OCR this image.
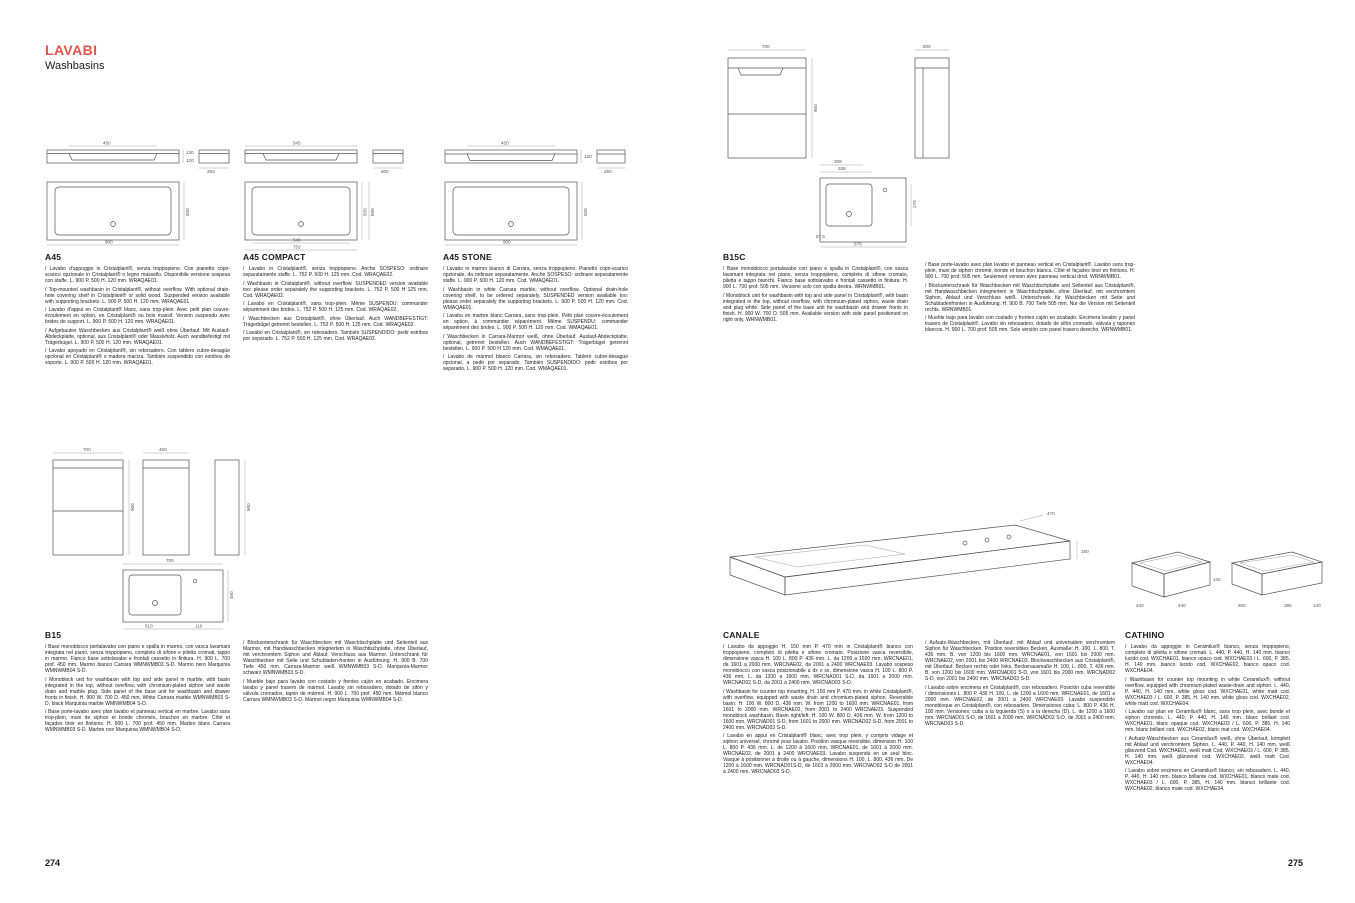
LAVABI
Washbasins
450
130
120
253
900
500
545
500
548
752
500 699
450
120
250
900
500
A45

/ Lavabo d'appoggio in Cristalplant®, senza troppopieno. Con pianetto copri-scarico opzionale in Cristalplant® o legno massello. Disponibile versione sospesa con staffe. L. 900 P. 500 H. 120 mm. WRAQAE01.

/ Top-mounted washbasin in Cristalplant®, without overflow. With optional drain-hole covering shelf in Cristalplant® or solid wood. Suspended version available with supporting brackets. L. 900 P. 500 H. 120 mm. WRAQAE01.

/ Lavabo d'appui en Cristalplant® blanc, sans trop-plein. Avec petit plan couvre-écoulement en option, en Cristalplant® ou bois massif. Version suspendu avec brides de support. L. 900 P. 500 H. 120 mm. WRAQAE01.

/ Aufgebautes Waschbecken aus Cristalplant® weiß ohne Überlauf. Mit Auslauf-Abdeckplatte, optional, aus Cristalplant® oder Massivholz. Auch wandbefestigt mit Trägerbügel. L. 900 P. 500 H. 120 mm. WRAQAE01.

/ Lavabo apoyado en Cristalplant®, sin rebosadero. Con tablero cubre-desagüe opcional en Cristalplant® o madera maciza. También suspendido con estribos de soporte. L. 900 P. 500 H. 120 mm. WRAQAE01.

A45 COMPACT

/ Lavabo in Cristalplant®, senza troppopieno. Anche SOSPESO: ordinare separatamente staffe. L. 752 P. 500 H. 125 mm. Cod. WRAQAE02.

/ Washbasin in Cristalplant®, without overflow. SUSPENDED version available too: please order separately the supporting brackets. L. 752 P. 500 H 125 mm. Cod. WRAQAE02.

/ Lavabo en Cristalplant®, sans trop-plein. Même SUSPENDU: commander séparément des brides. L. 752 P. 500 H. 125 mm. Cod. WRAQAE02.

/ Waschbecken aus Cristalplant®, ohne Überlauf. Auch WANDBEFESTIGT: Trägerbügel getrennt bestellen. L. 752 P. 500 H. 125 mm. Cod. WRAQAE02.

/ Lavabo en Cristalplant®, sin rebosadero. También SUSPENDIDO: pedir estribos por separado. L. 752 P. 500 H. 125 mm. Cod. WRAQAE02.

A45 STONE

/ Lavabo in marmo bianco di Carrara, senza troppopieno. Pianetto copri-scarico opzionale, da ordinare separatamente. Anche SOSPESO: ordinare separatamente staffe. L. 900 P. 500 H. 120 mm. Cod. WMAQAE01.

/ Washbasin in white Carrara marble, without overflow. Optional drain-hole covering shelf, to be ordered separately. SUSPENDED version available too: please order separately the supporting brackets. L. 900 P. 500 H. 120 mm. Cod. WMAQAE01.

/ Lavabo en marbre blanc Carrara, sans trop-plein. Petit plan couvre-écoulement en option, à commander séparément. Même SUSPENDU: commander séparément des brides. L. 900 P. 500 H. 120 mm. Cod. WMAQAE01.

/ Waschbecken in Carrara-Marmor weiß, ohne Überlauf. Auslauf-Abdeckplatte, optional, getrennt bestellen. Auch WANDBEFESTIGT: Trägerbügel getrennt bestellen. L. 900 P. 500 H 120 mm. Cod. WMAQAE01.

/ Lavabo de mármol blanco Carrara, sin rebosadero. Tablero cubre-desagüe opcional, a pedir por separado. También SUSPENDIDO: pedir estribos por separado. L. 900 P. 500 H. 120 mm. Cod. WMAQAE01.

700
900
450
900
700
450
510	110
B15

/ Base monoblocco portalavabo con piano e spalla in marmo, con vasca lavamani integrata nel piano, senza troppopieno, completo di sifone e piletta cromati, tappo in marmo. Fianco base sottolavabo e frontali cassetto in finitura. H. 900 L. 700 prof. 450 mm. Marmo bianco Carrara WMNWMB03 S-D. Marmo nero Marquinia WMNWMB04 S-D.

/ Monoblock unit for washbasin with top and side panel in marble, with basin integrated in the top, without overflow, with chromium-plated siphon and waste drain and marble plug. Side panel of the base unit for washbasin and drawer fronts in finish. H. 900 W. 700 D. 450 mm. White Carrara marble WMNWMB03 S-D, black Marquinia marble WMNWMB04 S-D.

/ Base porte-lavabo avec plan lavabo et panneau vertical en marbre. Lavabo sans trop-plein, muni de siphon et bonde chromés, bouchon en marbre. Côté et façades tiroir en finitions. H. 900 L. 700 prof. 450 mm. Marbre blanc Carrara WMNWMB03 S-D. Marbre noir Marquinia WMNWMB04 S-D.

/ Blockunterschrank für Waschbecken mit Waschtischplatte und Seitenteil aus Marmor, mit Handwaschbecken integriertem in Waschtischplatte, ohne Überlauf, mit verchromtem Siphon und Ablauf, Verschluss aus Marmor. Unterschrank für Waschbecken mit Seite und Schubladen-fronten in Ausführung. H. 900 B. 700 Tiefe 450 mm. Carrara-Marmor weiß WMNWMB03 S-D. Marquinia-Marmor schwarz WMNWMB03 S-D.

/ Mueble bajo para lavabo con costado y frentes cajón en acabado. Encimera lavabo y panel trasero de mármol. Lavabo sin rebosadero, dotado de sifón y válvula cromados, tapón de mármol. H. 900 L. 700 prof. 450 mm. Mármol blanco Carrara WMNWMB03 S-D. Mármol negro Marquinia WMNWMB04 S-D.

274
700
900
505
338
308
270
578
57,5
B15C

/ Base monoblocco portalavabo con piano e spalla in Cristalplant®, con vasca lavamani integrata nel piano, senza troppopieno, completo di sifone cromato, piletta e tappo bianchi. Fianco base sottolavabo e frontali cassetto in finitura. H. 900 L. 700 prof. 505 mm. Versione solo con spalla destra. WRNWMB01.

/ Monoblock unit for washbasin with top and side panel in Cristalplant®, with basin integrated in the top, without overflow, with chromium-plated siphon, waste drain and plug white. Side panel of the base unit for washbasin and drawer fronts in finish. H. 900 W. 700 D. 505 mm. Available version with side panel positioned on right only. WRNWMB01.

/ Base porte-lavabo avec plan lavabo et panneau vertical en Cristalplant®. Lavabo sans trop-plein, muni de siphon chromé, bonde et bouchon blancs. Côté et façades tiroir en finitions. H. 900 L. 700 prof. 505 mm. Seulement version avec panneau vertical droit. WRNWMB01.

/ Blockunterschrank für Waschbecken mit Waschtischplatte und Seitenteil aus Cristalplant®, mit Handwaschbecken integriertem in Waschtischplatte, ohne Überlauf, mit verchromtem Siphon, Ablauf und Verschluss weiß. Unterschrank für Waschbecken mit Seite und Schubladenfronten in Ausführung. H. 900 B. 700 Tiefe 505 mm. Nur die Version mit Seitenteil rechts. WRNWMB01.

/ Mueble bajo para lavabo con costado y frentes cajón en acabado. Encimera lavabo y panel trasero de Cristalplant®. Lavabo sin rebosadero, dotado de sifón cromado, válvula y tapones blancos. H. 900 L. 700 prof. 505 mm. Solo versión con panel trasero derecho. WRNWMB01.

470
150
440	440
140
600	385	140
CANALE

/ Lavabo da appoggio H. 150 mm P. 470 mm in Cristalplant® bianco con troppopieno, completo di piletta e sifone cromato. Posizione vasca reversibile, dimensione vasca H. 100 L. 800 P. 436 mm. L. da 1200 a 1600 mm. WRCNAE01, da 1601 a 2000 mm. WRCNAE02, da 2001 a 2400 WRCNAE03. Lavabo sospeso monoblocco con vasca posizionabile a dx o sx, dimensione vasca H. 100 L. 800 P. 436 mm. L. da 1200 a 1600 mm. WRCNAD01 S-D, da 1601 a 2000 mm. WRCNAD02 S-D, da 2001 a 2400 mm. WRCNAD03 S-D.

/ Washbasin for counter top mounting, H. 150 mm P. 470 mm, in white Cristalplant®, with overflow, equipped with waste drain and chromium-plated siphon. Reversible basin: H. 100 W. 800 D. 436 mm. W. from 1200 to 1600 mm. WRCNAE01, from 1601 to 2000 mm. WRCNAE02, from 2001 to 2400 WRCNAE03. Suspended monoblock washbasin. Basin right/left: H. 100 W. 800 D. 436 mm. W. from 1200 to 1600 mm. WRCNAD01 S-D, from 1601 to 2000 mm. WRCNAD02 S-D, from 2001 to 2400 mm. WRCNAD03 S-D.

/ Lavabo en appui en Cristalplant® blanc, avec trop plein, y compris vidage et siphon universel, chromé pour lavabo. Position vasque réversible, dimension H. 100 L. 800 P. 436 mm. L. de 1200 à 1600 mm. WRCNAE01, de 1601 à 2000 mm. WRCNAE02, de 2001 à 2400 WRCNAE03. Lavabo suspendu en un seul bloc. Vasque à positionner à droite ou à gauche, dimensions H. 100, L. 800, 436 mm. De 1200 à 1600 mm. WRCNAD01S-D, de 1601 à 2000 mm. WRCNAD02 S-D de 2001 à 2400 mm. WRCNAD03 S-D.

/ Aufsatz-Waschbecken, mit Überlauf, mit Ablauf und universalem verchromtem Siphon für Waschbecken. Position reversibles Becken, Ausmaße: H. 100, L. 800, T. 436 mm. B. von 1200 bis 1600 mm. WRCNAE01, von 1601 bis 2000 mm. WRCNAE02, von 2001 bis 2400 WRCNAE03. Blockwaschbecken aus Cristalplant®, mit Überlauf. Becken rechts oder links, Beckenausmaße H. 100, L. 800, T. 436 mm. B. von 1200 bis 1600 mm. WRCNAD01 S-D, von 1601 bis 2000 mm. WRCNAD02 S-D, von 2001 bis 2400 mm. WRCNAD03 S-D.

/ Lavabo sobre encimera en Cristalplant®, con rebosadero. Posición cuba reversible / dimensiones L. 800 P. 436 H. 100. L. de 1200 a 1600 mm. WRCNAE01, de 1601 a 2000 mm. WRCNAE02, de 2001 a 2400 WRCNAE03. Lavabo suspendido monobloque en Cristalplant®, con rebosadero. Dimensiones cuba: L. 800 P. 436 H. 100 mm. Versiones: cuba a la izquierda (S) o a la derecha (D). L. de 1200 a 1600 mm. WRCNAD01 S-D, de 1601 a 2000 mm. WRCNAD02 S-D, de 2001 a 2400 mm. WRCNAD03 S-D.

CATHINO

/ Lavabo da appoggio in Ceramilux® bianco, senza troppopieno, completo di piletta e sifone cromati. L. 440, P. 440, H. 140 mm. bianco lucido cod. WXCHAE01, bianco opaco cod. WXCHAE03 / L. 600, P. 385, H. 140 mm. bianco lucido cod. WXCHAE02, bianco opaco cod. WXCHAE04.

/ Washbasin for counter top mounting in white Ceramilux®, without overflow, equipped with chromium-plated waste-drain and siphon. L. 440, P. 440, H. 140 mm. white gloss cod. WXCHAE01, white matt cod. WXCHAE03 / L. 600, P. 385, H. 140 mm. white gloss cod. WXCHAE02, white matt cod. WXCHAE04.

/ Lavabo sur plan en Ceramilux® blanc, sans trop plein, avec bonde et siphon chromés. L. 440, P. 440, H. 140 mm. blanc brillant cod. WXCHAE01, blanc opaque cod. WXCHAE03 / L. 600, P. 385, H. 140 mm. blanc brillant cod. WXCHAE02, blanc mat cod. WXCHAE04.

/ Aufsatz-Waschbecken aus Ceramilux® weiß, ohne Überlauf, komplett mit Ablauf und verchromtem Siphon. L. 440, P. 440, H. 140 mm. weiß glänzend Cod. WXCHAE01, weiß matt Cod. WXCHAE03 / L. 600, P. 385, H. 140 mm. weiß glänzend cod. WXCHAE02, weiß matt Cod. WXCHAE04.

/ Lavabo sobre encimera en Ceramilux® blanco, sin rebosadero. L. 440, P. 440, H. 140 mm. blanco brillante cod. WXCHAE01, blanco mate cod. WXCHAE03 / L. 600, P. 385, H. 140 mm. blanco brillante cod. WXCHAE02, blanco mate cod. WXCHAE04.

275
